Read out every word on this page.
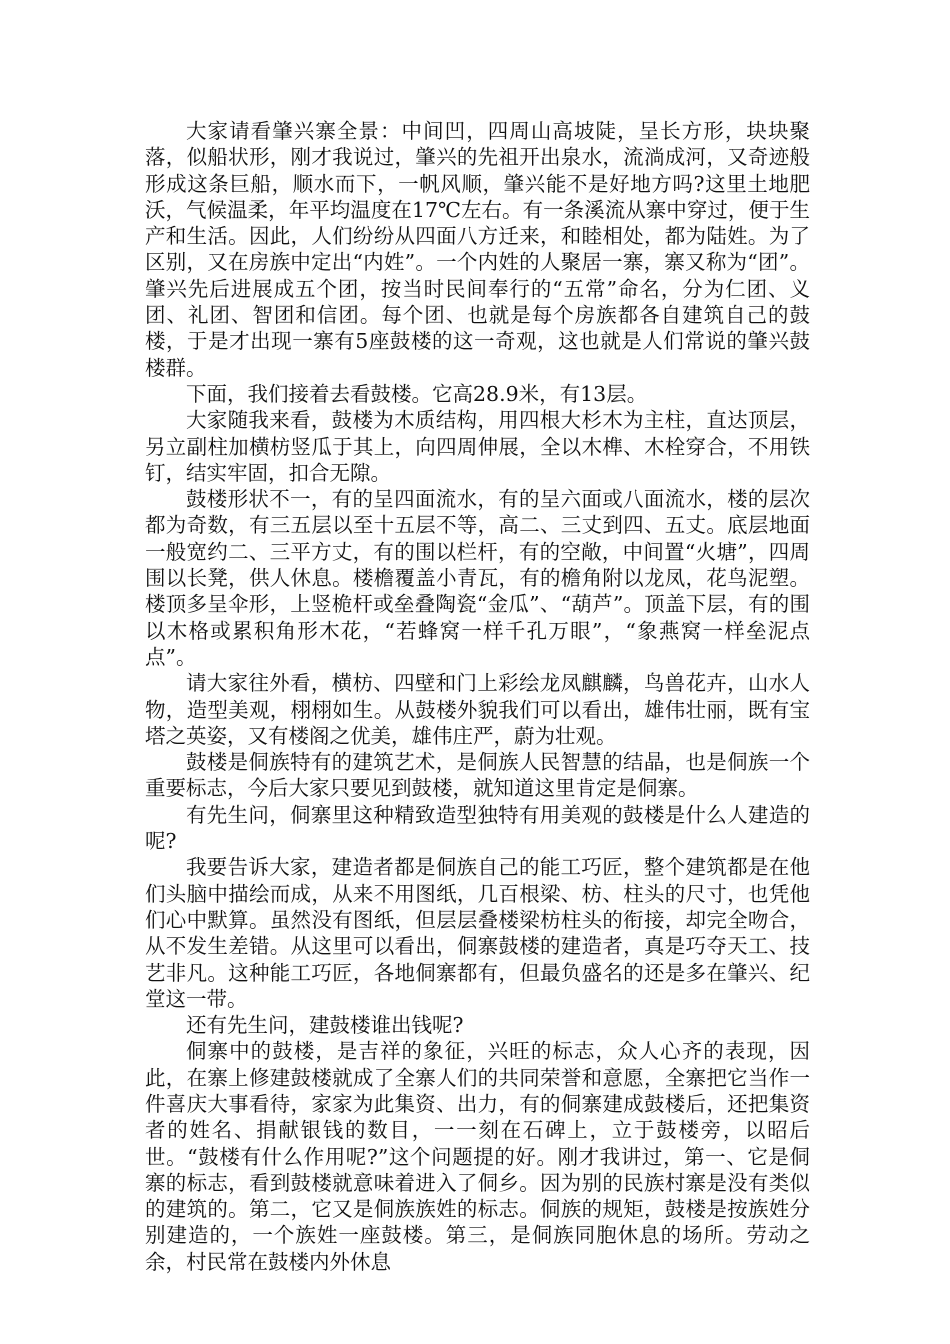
大家请看肇兴寨全景：中间凹，四周山高坡陡，呈长方形，块块聚落，似船状形，刚才我说过，肇兴的先祖开出泉水，流淌成河，又奇迹般形成这条巨船，顺水而下，一帆风顺，肇兴能不是好地方吗?这里土地肥沃，气候温柔，年平均温度在17℃左右。有一条溪流从寨中穿过，便于生产和生活。因此，人们纷纷从四面八方迁来，和睦相处，都为陆姓。为了区别，又在房族中定出“内姓”。一个内姓的人聚居一寨，寨又称为“团”。肇兴先后进展成五个团，按当时民间奉行的“五常”命名，分为仁团、义团、礼团、智团和信团。每个团、也就是每个房族都各自建筑自己的鼓楼，于是才出现一寨有5座鼓楼的这一奇观，这也就是人们常说的肇兴鼓楼群。

下面，我们接着去看鼓楼。它高28.9米，有13层。

大家随我来看，鼓楼为木质结构，用四根大杉木为主柱，直达顶层，另立副柱加横枋竖瓜于其上，向四周伸展，全以木榫、木栓穿合，不用铁钉，结实牢固，扣合无隙。

鼓楼形状不一，有的呈四面流水，有的呈六面或八面流水，楼的层次都为奇数，有三五层以至十五层不等，高二、三丈到四、五丈。底层地面一般宽约二、三平方丈，有的围以栏杆，有的空敞，中间置“火塘”，四周围以长凳，供人休息。楼檐覆盖小青瓦，有的檐角附以龙凤，花鸟泥塑。楼顶多呈伞形，上竖桅杆或垒叠陶瓷“金瓜”、“葫芦”。顶盖下层，有的围以木格或累积角形木花，“若蜂窝一样千孔万眼”，“象燕窝一样垒泥点点”。

请大家往外看，横枋、四壁和门上彩绘龙凤麒麟，鸟兽花卉，山水人物，造型美观，栩栩如生。从鼓楼外貌我们可以看出，雄伟壮丽，既有宝塔之英姿，又有楼阁之优美，雄伟庄严，蔚为壮观。

鼓楼是侗族特有的建筑艺术，是侗族人民智慧的结晶，也是侗族一个重要标志，今后大家只要见到鼓楼，就知道这里肯定是侗寨。

有先生问，侗寨里这种精致造型独特有用美观的鼓楼是什么人建造的呢?

我要告诉大家，建造者都是侗族自己的能工巧匠，整个建筑都是在他们头脑中描绘而成，从来不用图纸，几百根梁、枋、柱头的尺寸，也凭他们心中默算。虽然没有图纸，但层层叠楼梁枋柱头的衔接，却完全吻合，从不发生差错。从这里可以看出，侗寨鼓楼的建造者，真是巧夺天工、技艺非凡。这种能工巧匠，各地侗寨都有，但最负盛名的还是多在肇兴、纪堂这一带。

还有先生问，建鼓楼谁出钱呢?

侗寨中的鼓楼，是吉祥的象征，兴旺的标志，众人心齐的表现，因此，在寨上修建鼓楼就成了全寨人们的共同荣誉和意愿，全寨把它当作一件喜庆大事看待，家家为此集资、出力，有的侗寨建成鼓楼后，还把集资者的姓名、捐献银钱的数目，一一刻在石碑上，立于鼓楼旁，以昭后世。“鼓楼有什么作用呢?”这个问题提的好。刚才我讲过，第一、它是侗寨的标志，看到鼓楼就意味着进入了侗乡。因为别的民族村寨是没有类似的建筑的。第二，它又是侗族族姓的标志。侗族的规矩，鼓楼是按族姓分别建造的，一个族姓一座鼓楼。第三，是侗族同胞休息的场所。劳动之余，村民常在鼓楼内外休息
